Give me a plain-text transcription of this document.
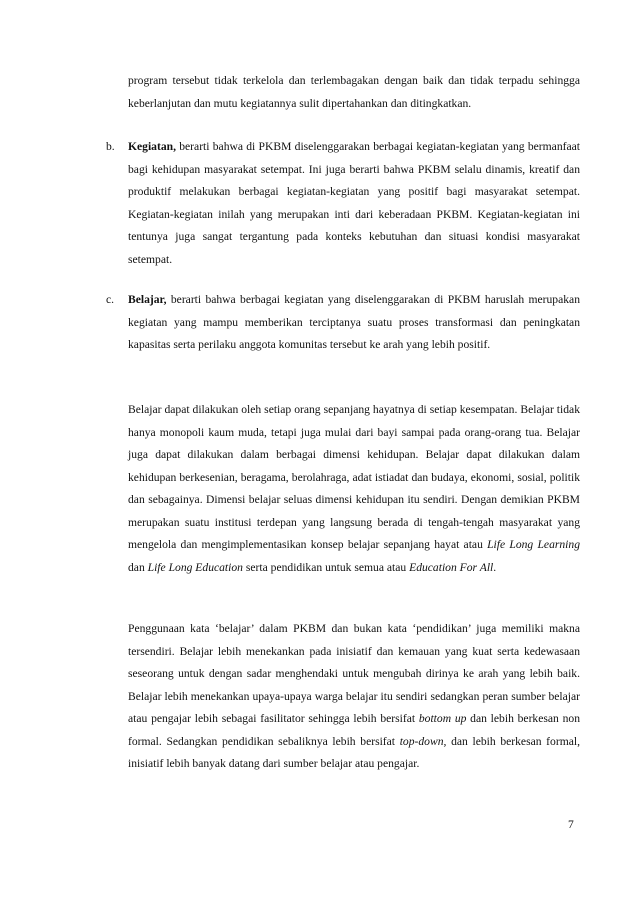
program tersebut tidak terkelola dan terlembagakan dengan baik dan tidak terpadu sehingga keberlanjutan dan mutu kegiatannya sulit dipertahankan dan ditingkatkan.
b. Kegiatan, berarti bahwa di PKBM diselenggarakan berbagai kegiatan-kegiatan yang bermanfaat bagi kehidupan masyarakat setempat. Ini juga berarti bahwa PKBM selalu dinamis, kreatif dan produktif melakukan berbagai kegiatan-kegiatan yang positif bagi masyarakat setempat. Kegiatan-kegiatan inilah yang merupakan inti dari keberadaan PKBM. Kegiatan-kegiatan ini tentunya juga sangat tergantung pada konteks kebutuhan dan situasi kondisi masyarakat setempat.
c. Belajar, berarti bahwa berbagai kegiatan yang diselenggarakan di PKBM haruslah merupakan kegiatan yang mampu memberikan terciptanya suatu proses transformasi dan peningkatan kapasitas serta perilaku anggota komunitas tersebut ke arah yang lebih positif.
Belajar dapat dilakukan oleh setiap orang sepanjang hayatnya di setiap kesempatan. Belajar tidak hanya monopoli kaum muda, tetapi juga mulai dari bayi sampai pada orang-orang tua. Belajar juga dapat dilakukan dalam berbagai dimensi kehidupan. Belajar dapat dilakukan dalam kehidupan berkesenian, beragama, berolahraga, adat istiadat dan budaya, ekonomi, sosial, politik dan sebagainya. Dimensi belajar seluas dimensi kehidupan itu sendiri. Dengan demikian PKBM merupakan suatu institusi terdepan yang langsung berada di tengah-tengah masyarakat yang mengelola dan mengimplementasikan konsep belajar sepanjang hayat atau Life Long Learning dan Life Long Education serta pendidikan untuk semua atau Education For All.
Penggunaan kata ‘belajar’ dalam PKBM dan bukan kata ‘pendidikan’ juga memiliki makna tersendiri. Belajar lebih menekankan pada inisiatif dan kemauan yang kuat serta kedewasaan seseorang untuk dengan sadar menghendaki untuk mengubah dirinya ke arah yang lebih baik. Belajar lebih menekankan upaya-upaya warga belajar itu sendiri sedangkan peran sumber belajar atau pengajar lebih sebagai fasilitator sehingga lebih bersifat bottom up dan lebih berkesan non formal. Sedangkan pendidikan sebaliknya lebih bersifat top-down, dan lebih berkesan formal, inisiatif lebih banyak datang dari sumber belajar atau pengajar.
7
